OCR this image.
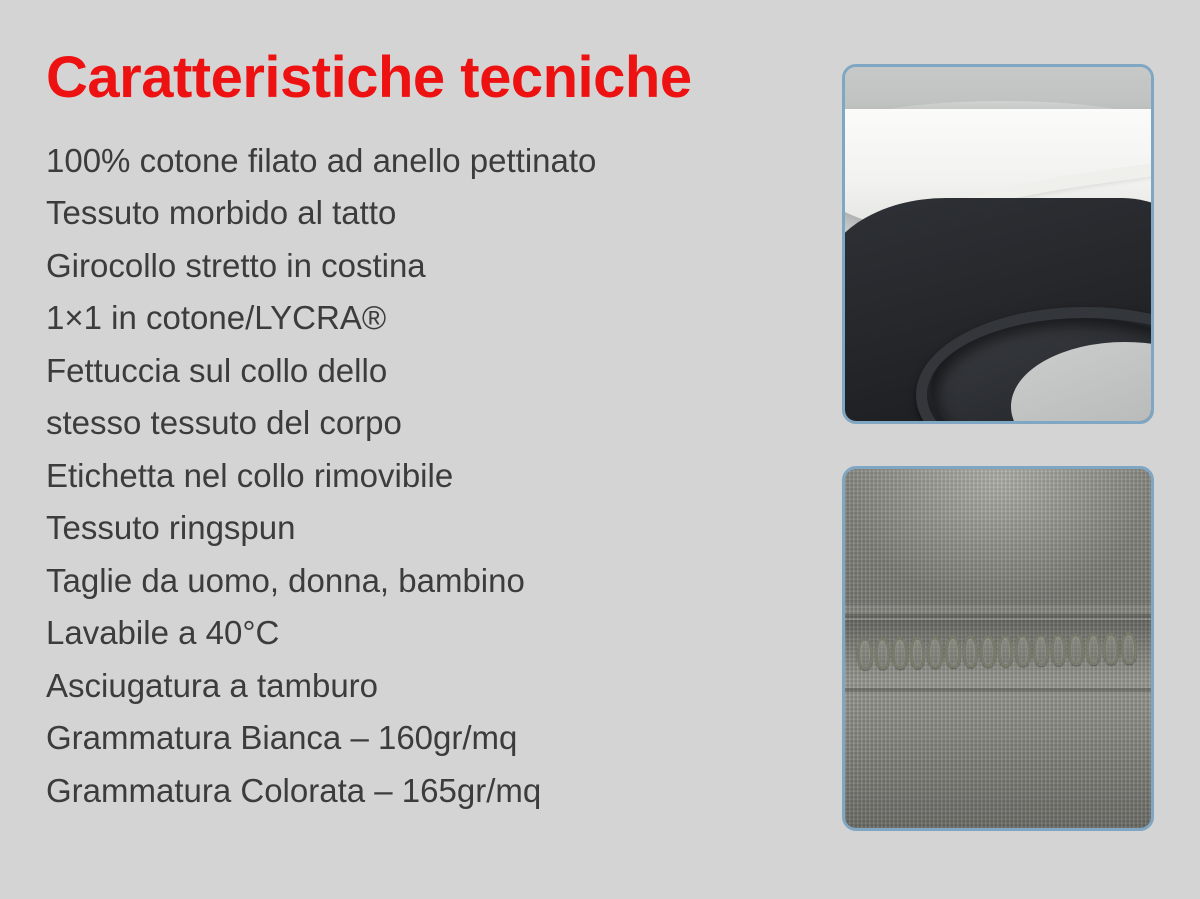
Caratteristiche tecniche
100% cotone filato ad anello pettinato
Tessuto morbido al tatto
Girocollo stretto in costina
1×1 in cotone/LYCRA®
Fettuccia sul collo dello
stesso tessuto del corpo
Etichetta nel collo rimovibile
Tessuto ringspun
Taglie da uomo, donna, bambino
Lavabile a 40°C
Asciugatura a tamburo
Grammatura Bianca – 160gr/mq
Grammatura Colorata – 165gr/mq
